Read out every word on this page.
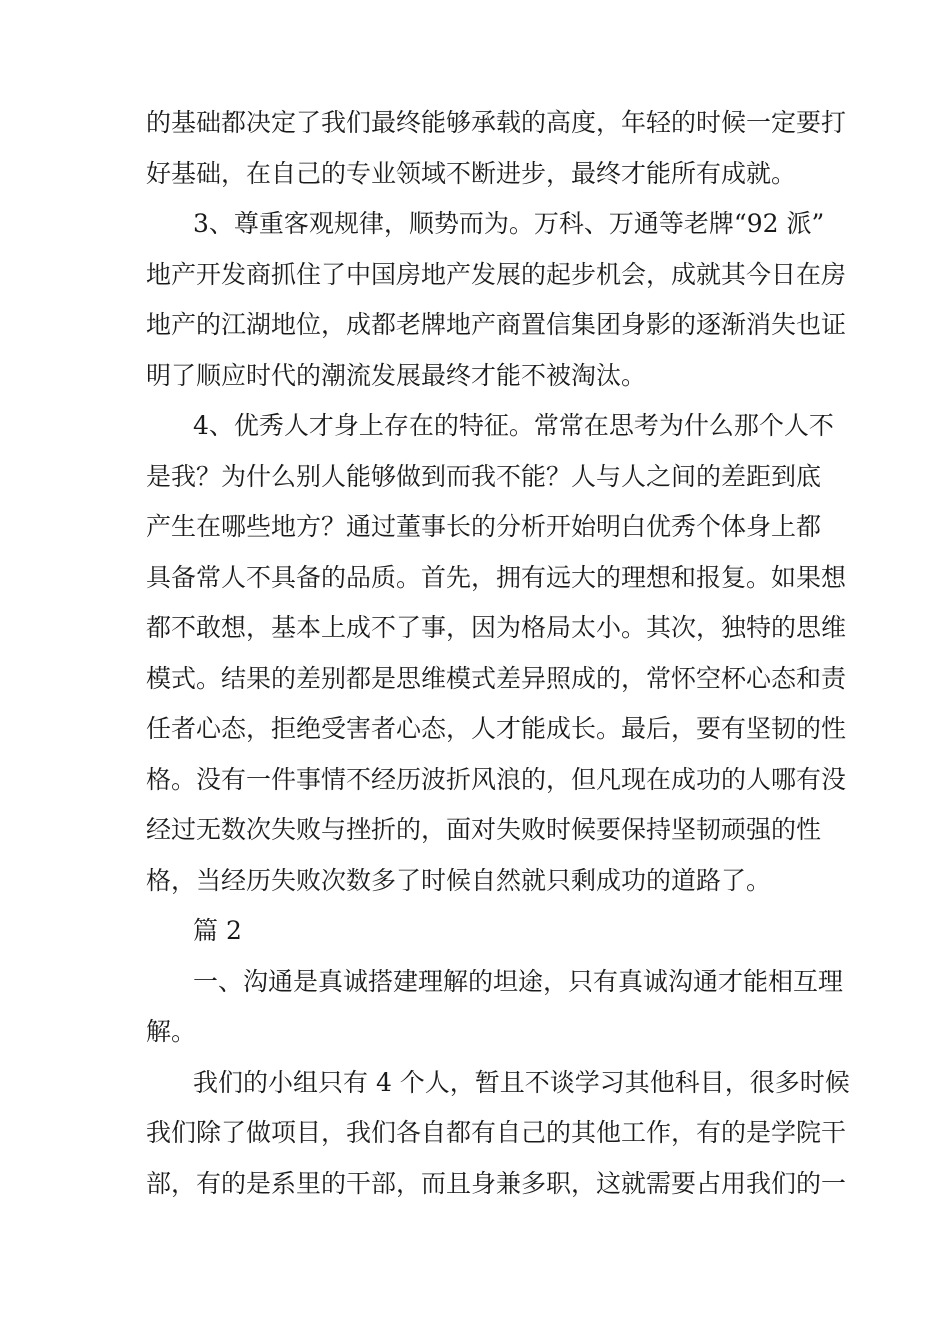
的基础都决定了我们最终能够承载的高度，年轻的时候一定要打
好基础，在自己的专业领域不断进步，最终才能所有成就。
3、尊重客观规律，顺势而为。万科、万通等老牌“92 派”
地产开发商抓住了中国房地产发展的起步机会，成就其今日在房
地产的江湖地位，成都老牌地产商置信集团身影的逐渐消失也证
明了顺应时代的潮流发展最终才能不被淘汰。
4、优秀人才身上存在的特征。常常在思考为什么那个人不
是我？为什么别人能够做到而我不能？人与人之间的差距到底
产生在哪些地方？通过董事长的分析开始明白优秀个体身上都
具备常人不具备的品质。首先，拥有远大的理想和报复。如果想
都不敢想，基本上成不了事，因为格局太小。其次，独特的思维
模式。结果的差别都是思维模式差异照成的，常怀空杯心态和责
任者心态，拒绝受害者心态，人才能成长。最后，要有坚韧的性
格。没有一件事情不经历波折风浪的，但凡现在成功的人哪有没
经过无数次失败与挫折的，面对失败时候要保持坚韧顽强的性
格，当经历失败次数多了时候自然就只剩成功的道路了。
篇 2
一、沟通是真诚搭建理解的坦途，只有真诚沟通才能相互理
解。
我们的小组只有 4 个人，暂且不谈学习其他科目，很多时候
我们除了做项目，我们各自都有自己的其他工作，有的是学院干
部，有的是系里的干部，而且身兼多职，这就需要占用我们的一
